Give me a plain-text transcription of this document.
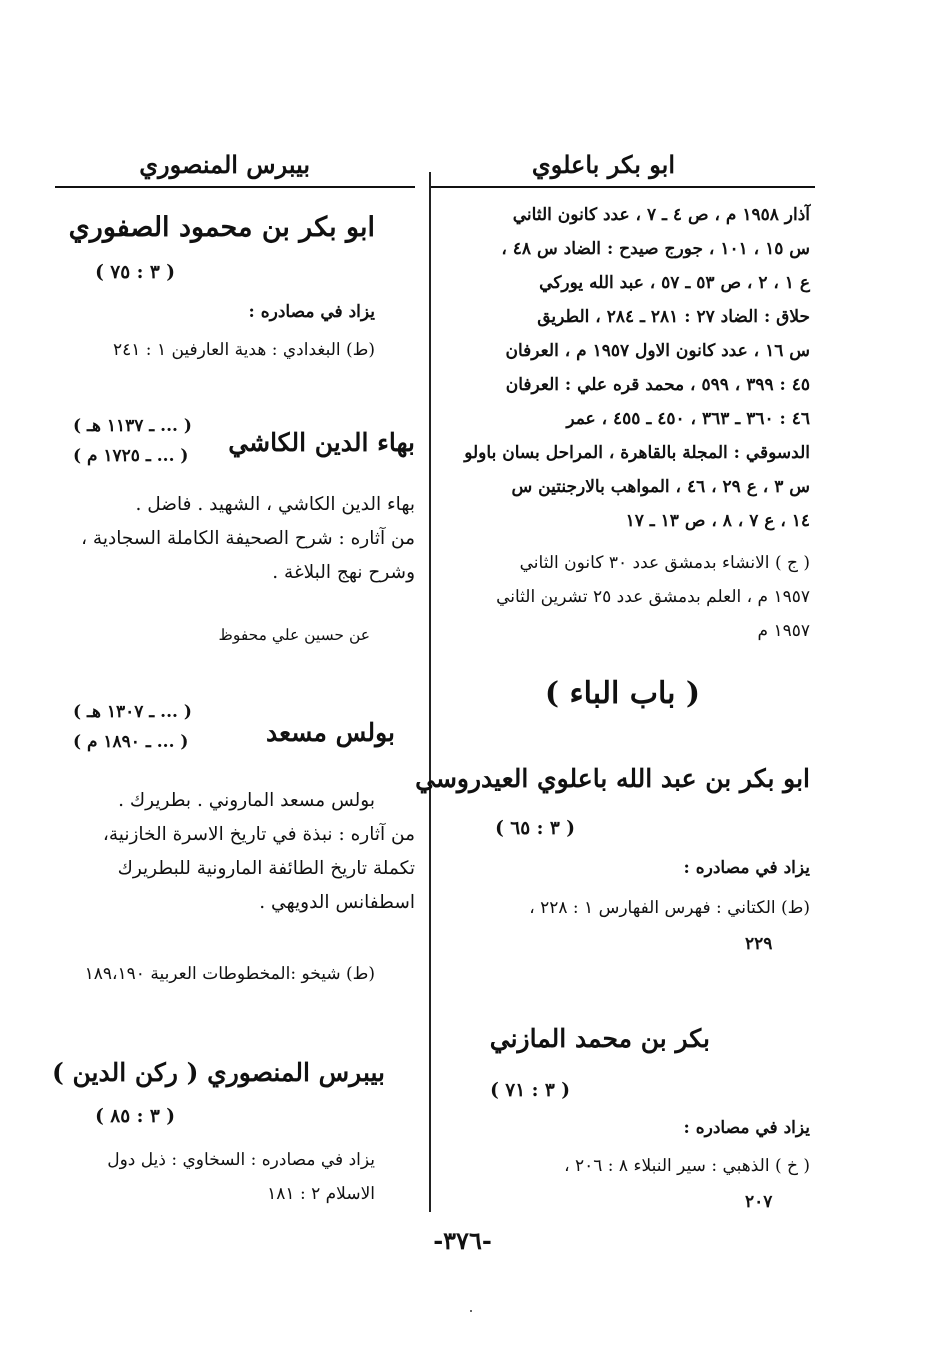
ابو بكر باعلوي
بيبرس المنصوري
آذار ١٩٥٨ م ، ص ٤ ـ ٧ ، عدد كانون الثاني
س ١٥ ، ١٠١ ، جورج صيدح : الضاد س ٤٨ ،
ع ١ ، ٢ ، ص ٥٣ ـ ٥٧ ، عبد الله يوركي
حلاق : الضاد ٢٧ : ٢٨١ ـ ٢٨٤ ، الطريق
س ١٦ ، عدد كانون الاول ١٩٥٧ م ، العرفان
٤٥ : ٣٩٩ ، ٥٩٩ ، محمد قره علي : العرفان
٤٦ : ٣٦٠ ـ ٣٦٣ ، ٤٥٠ ـ ٤٥٥ ، عمر
الدسوقي : المجلة بالقاهرة ، المراحل بسان باولو
س ٣ ، ع ٢٩ ، ٤٦ ، المواهب بالارجنتين س
١٤ ، ع ٧ ، ٨ ، ص ١٣ ـ ١٧
( ج ) الانشاء بدمشق عدد ٣٠ كانون الثاني
١٩٥٧ م ، العلم بدمشق عدد ٢٥ تشرين الثاني
١٩٥٧ م
( باب الباء )
ابو بكر بن عبد الله باعلوي العيدروسي
( ٣ : ٦٥ )
يزاد في مصادره :
(ط) الكتاني : فهرس الفهارس ١ : ٢٢٨ ،
٢٢٩
بكر بن محمد المازني
( ٣ : ٧١ )
يزاد في مصادره :
( خ ) الذهبي : سير النبلاء ٨ : ٢٠٦ ،
٢٠٧
ابو بكر بن محمود الصفوري
( ٣ : ٧٥ )
يزاد في مصادره :
(ط) البغدادي : هدية العارفين ١ : ٢٤١
بهاء الدين الكاشي
( ... ـ ١١٣٧ هـ )
( ... ـ ١٧٢٥ م )
بهاء الدين الكاشي ، الشهيد . فاضل .
من آثاره : شرح الصحيفة الكاملة السجادية ،
وشرح نهج البلاغة .
عن حسين علي محفوظ
بولس مسعد
( ... ـ ١٣٠٧ هـ )
( ... ـ ١٨٩٠ م )
بولس مسعد الماروني . بطريرك .
من آثاره : نبذة في تاريخ الاسرة الخازنية،
تكملة تاريخ الطائفة المارونية للبطريرك
اسطفانس الدويهي .
(ط) شيخو :المخطوطات العربية ١٨٩،١٩٠
بيبرس المنصوري ( ركن الدين )
( ٣ : ٨٥ )
يزاد في مصادره : السخاوي : ذيل دول
الاسلام ٢ : ١٨١
-٣٧٦-
